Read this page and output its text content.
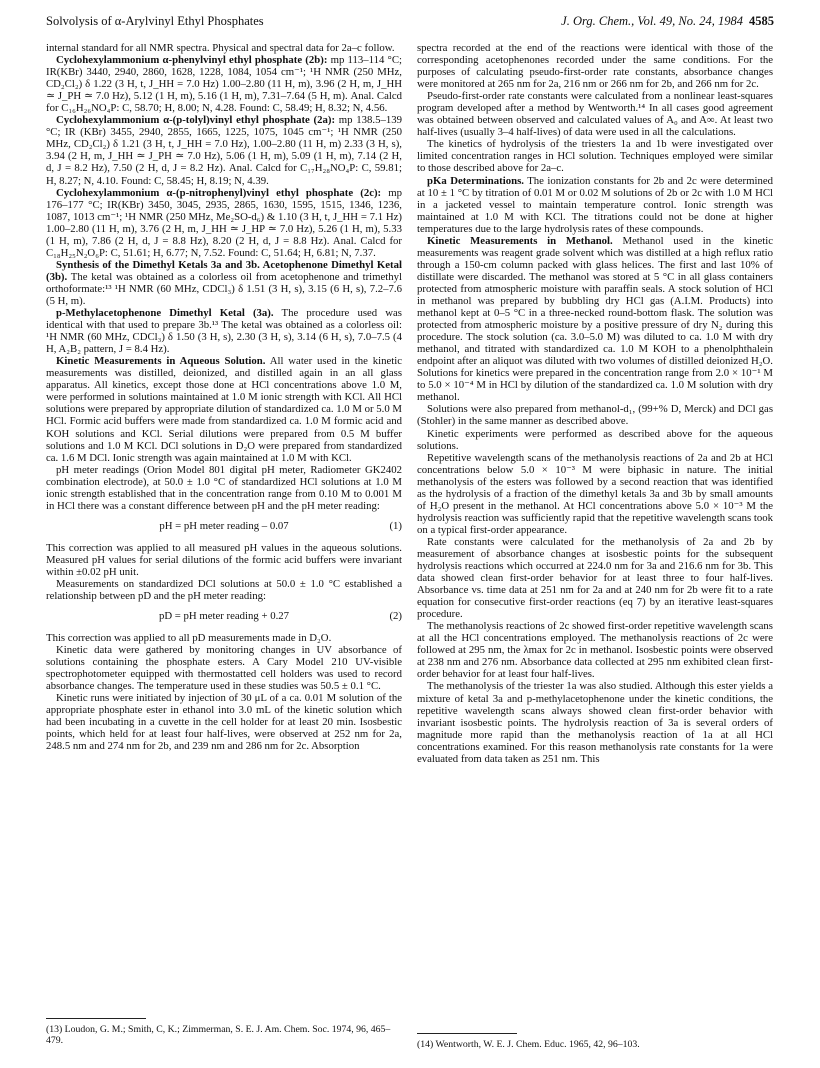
Solvolysis of α-Arylvinyl Ethyl Phosphates	J. Org. Chem., Vol. 49, No. 24, 1984 4585

internal standard for all NMR spectra. Physical and spectral data for 2a–c follow.

Cyclohexylammonium α-phenylvinyl ethyl phosphate (2b): mp 113–114 °C; IR(KBr) 3440, 2940, 2860, 1628, 1228, 1084, 1054 cm⁻¹; ¹H NMR (250 MHz, CD₂Cl₂) δ 1.22 (3 H, t, J_HH = 7.0 Hz) 1.00–2.80 (11 H, m), 3.96 (2 H, m, J_HH ≃ J_PH ≃ 7.0 Hz), 5.12 (1 H, m), 5.16 (1 H, m), 7.31–7.64 (5 H, m). Anal. Calcd for C₁₆H₂₆NO₄P: C, 58.70; H, 8.00; N, 4.28. Found: C, 58.49; H, 8.32; N, 4.56.

Cyclohexylammonium α-(p-tolyl)vinyl ethyl phosphate (2a): mp 138.5–139 °C; IR (KBr) 3455, 2940, 2855, 1665, 1225, 1075, 1045 cm⁻¹; ¹H NMR (250 MHz, CD₂Cl₂) δ 1.21 (3 H, t, J_HH = 7.0 Hz), 1.00–2.80 (11 H, m) 2.33 (3 H, s), 3.94 (2 H, m, J_HH ≃ J_PH ≃ 7.0 Hz), 5.06 (1 H, m), 5.09 (1 H, m), 7.14 (2 H, d, J = 8.2 Hz), 7.50 (2 H, d, J = 8.2 Hz). Anal. Calcd for C₁₇H₂₈NO₄P: C, 59.81; H, 8.27; N, 4.10. Found: C, 58.45; H, 8.19; N, 4.39.

Cyclohexylammonium α-(p-nitrophenyl)vinyl ethyl phosphate (2c): mp 176–177 °C; IR(KBr) 3450, 3045, 2935, 2865, 1630, 1595, 1515, 1346, 1236, 1087, 1013 cm⁻¹; ¹H NMR (250 MHz, Me₂SO-d₆) & 1.10 (3 H, t, J_HH = 7.1 Hz) 1.00–2.80 (11 H, m), 3.76 (2 H, m, J_HH ≃ J_HP ≃ 7.0 Hz), 5.26 (1 H, m), 5.33 (1 H, m), 7.86 (2 H, d, J = 8.8 Hz), 8.20 (2 H, d, J = 8.8 Hz). Anal. Calcd for C₁₈H₂₅N₂O₆P: C, 51.61; H, 6.77; N, 7.52. Found: C, 51.64; H, 6.81; N, 7.37.

Synthesis of the Dimethyl Ketals 3a and 3b. Acetophenone Dimethyl Ketal (3b). The ketal was obtained as a colorless oil from acetophenone and trimethyl orthoformate:¹³ ¹H NMR (60 MHz, CDCl₃) δ 1.51 (3 H, s), 3.15 (6 H, s), 7.2–7.6 (5 H, m).

p-Methylacetophenone Dimethyl Ketal (3a). The procedure used was identical with that used to prepare 3b.¹³ The ketal was obtained as a colorless oil: ¹H NMR (60 MHz, CDCl₃) δ 1.50 (3 H, s), 2.30 (3 H, s), 3.14 (6 H, s), 7.0–7.5 (4 H, A₂B₂ pattern, J = 8.4 Hz).

Kinetic Measurements in Aqueous Solution. All water used in the kinetic measurements was distilled, deionized, and distilled again in an all glass apparatus. All kinetics, except those done at HCl concentrations above 1.0 M, were performed in solutions maintained at 1.0 M ionic strength with KCl. All HCl solutions were prepared by appropriate dilution of standardized ca. 1.0 M or 5.0 M HCl. Formic acid buffers were made from standardized ca. 1.0 M formic acid and KOH solutions and KCl. Serial dilutions were prepared from 0.5 M buffer solutions and 1.0 M KCl. DCl solutions in D₂O were prepared from standardized ca. 1.6 M DCl. Ionic strength was again maintained at 1.0 M with KCl.

pH meter readings (Orion Model 801 digital pH meter, Radiometer GK2402 combination electrode), at 50.0 ± 1.0 °C of standardized HCl solutions at 1.0 M ionic strength established that in the concentration range from 0.10 M to 0.001 M in HCl there was a constant difference between pH and the pH meter reading:

pH = pH meter reading – 0.07	(1)

This correction was applied to all measured pH values in the aqueous solutions. Measured pH values for serial dilutions of the formic acid buffers were invariant within ±0.02 pH unit.

Measurements on standardized DCl solutions at 50.0 ± 1.0 °C established a relationship between pD and the pH meter reading:

pD = pH meter reading + 0.27	(2)

This correction was applied to all pD measurements made in D₂O.

Kinetic data were gathered by monitoring changes in UV absorbance of solutions containing the phosphate esters. A Cary Model 210 UV-visible spectrophotometer equipped with thermostatted cell holders was used to record absorbance changes. The temperature used in these studies was 50.5 ± 0.1 °C.

Kinetic runs were initiated by injection of 30 μL of a ca. 0.01 M solution of the appropriate phosphate ester in ethanol into 3.0 mL of the kinetic solution which had been incubating in a cuvette in the cell holder for at least 20 min. Isosbestic points, which held for at least four half-lives, were observed at 252 nm for 2a, 248.5 nm and 274 nm for 2b, and 239 nm and 286 nm for 2c. Absorption

(13) Loudon, G. M.; Smith, C, K.; Zimmerman, S. E. J. Am. Chem. Soc. 1974, 96, 465–479.

spectra recorded at the end of the reactions were identical with those of the corresponding acetophenones recorded under the same conditions. For the purposes of calculating pseudo-first-order rate constants, absorbance changes were monitored at 265 nm for 2a, 216 nm or 266 nm for 2b, and 266 nm for 2c.

Pseudo-first-order rate constants were calculated from a nonlinear least-squares program developed after a method by Wentworth.¹⁴ In all cases good agreement was obtained between observed and calculated values of A₀ and A∞. At least two half-lives (usually 3–4 half-lives) of data were used in all the calculations.

The kinetics of hydrolysis of the triesters 1a and 1b were investigated over limited concentration ranges in HCl solution. Techniques employed were similar to those described above for 2a–c.

pKa Determinations. The ionization constants for 2b and 2c were determined at 10 ± 1 °C by titration of 0.01 M or 0.02 M solutions of 2b or 2c with 1.0 M HCl in a jacketed vessel to maintain temperature control. Ionic strength was maintained at 1.0 M with KCl. The titrations could not be done at higher temperatures due to the large hydrolysis rates of these compounds.

Kinetic Measurements in Methanol. Methanol used in the kinetic measurements was reagent grade solvent which was distilled at a high reflux ratio through a 150-cm column packed with glass helices. The first and last 10% of distillate were discarded. The methanol was stored at 5 °C in all glass containers protected from atmospheric moisture with paraffin seals. A stock solution of HCl in methanol was prepared by bubbling dry HCl gas (A.I.M. Products) into methanol kept at 0–5 °C in a three-necked round-bottom flask. The solution was protected from atmospheric moisture by a positive pressure of dry N₂ during this procedure. The stock solution (ca. 3.0–5.0 M) was diluted to ca. 1.0 M with dry methanol, and titrated with standardized ca. 1.0 M KOH to a phenolphthalein endpoint after an aliquot was diluted with two volumes of distilled deionized H₂O. Solutions for kinetics were prepared in the concentration range from 2.0 × 10⁻¹ M to 5.0 × 10⁻⁴ M in HCl by dilution of the standardized ca. 1.0 M solution with dry methanol.

Solutions were also prepared from methanol-d₁, (99+% D, Merck) and DCl gas (Stohler) in the same manner as described above.

Kinetic experiments were performed as described above for the aqueous solutions.

Repetitive wavelength scans of the methanolysis reactions of 2a and 2b at HCl concentrations below 5.0 × 10⁻³ M were biphasic in nature. The initial methanolysis of the esters was followed by a second reaction that was identified as the hydrolysis of a fraction of the dimethyl ketals 3a and 3b by small amounts of H₂O present in the methanol. At HCl concentrations above 5.0 × 10⁻³ M the hydrolysis reaction was sufficiently rapid that the repetitive wavelength scans took on a typical first-order appearance.

Rate constants were calculated for the methanolysis of 2a and 2b by measurement of absorbance changes at isosbestic points for the subsequent hydrolysis reactions which occurred at 224.0 nm for 3a and 216.6 nm for 3b. This data showed clean first-order behavior for at least three to four half-lives. Absorbance vs. time data at 251 nm for 2a and at 240 nm for 2b were fit to a rate equation for consecutive first-order reactions (eq 7) by an iterative least-squares procedure.

The methanolysis reactions of 2c showed first-order repetitive wavelength scans at all the HCl concentrations employed. The methanolysis reactions of 2c were followed at 295 nm, the λmax for 2c in methanol. Isosbestic points were observed at 238 nm and 276 nm. Absorbance data collected at 295 nm exhibited clean first-order behavior for at least four half-lives.

The methanolysis of the triester 1a was also studied. Although this ester yields a mixture of ketal 3a and p-methylacetophenone under the kinetic conditions, the repetitive wavelength scans always showed clean first-order behavior with invariant isosbestic points. The hydrolysis reaction of 3a is several orders of magnitude more rapid than the methanolysis reaction of 1a at all HCl concentrations examined. For this reason methanolysis rate constants for 1a were evaluated from data taken as 251 nm. This

(14) Wentworth, W. E. J. Chem. Educ. 1965, 42, 96–103.
